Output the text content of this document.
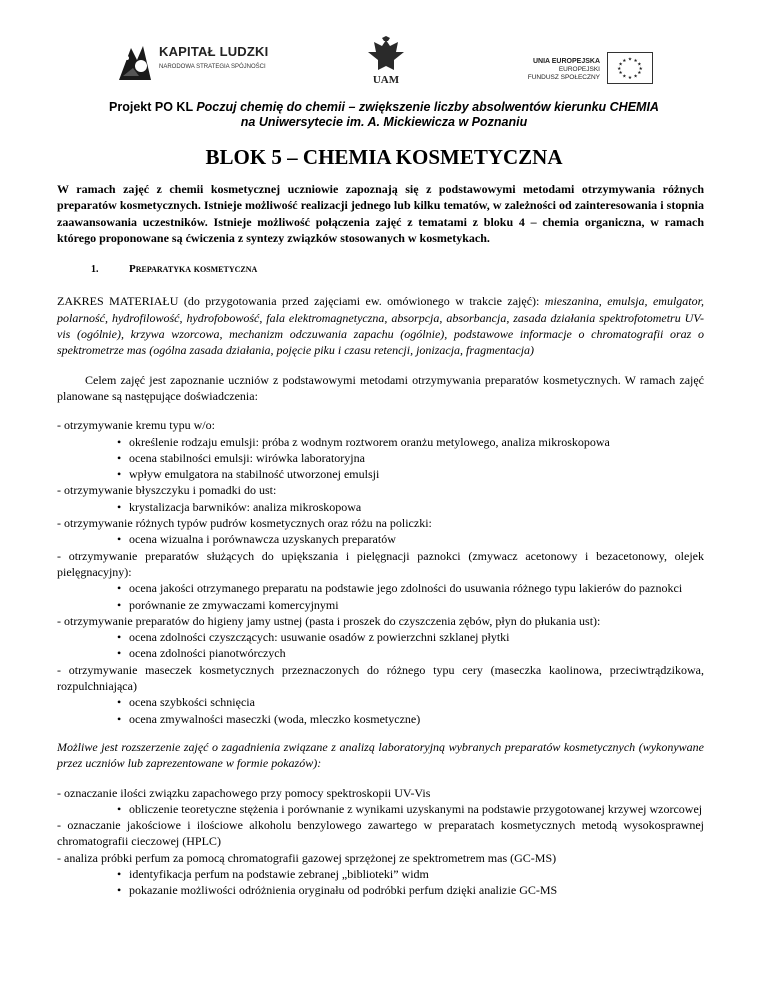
KAPITAŁ LUDZKI
NARODOWA STRATEGIA SPÓJNOŚCI
UAM
UNIA EUROPEJSKA
EUROPEJSKI
FUNDUSZ SPOŁECZNY
★ ★
★
★
★
★
★
★
★
★
★
★
Projekt PO KL Poczuj chemię do chemii – zwiększenie liczby absolwentów kierunku CHEMIA
na Uniwersytecie im. A. Mickiewicza w Poznaniu
BLOK 5 – CHEMIA KOSMETYCZNA

W ramach zajęć z chemii kosmetycznej uczniowie zapoznają się z podstawowymi metodami otrzymywania różnych preparatów kosmetycznych. Istnieje możliwość realizacji jednego lub kilku tematów, w zależności od zainteresowania i stopnia zaawansowania uczestników. Istnieje możliwość połączenia zajęć z tematami z bloku 4 – chemia organiczna, w ramach którego proponowane są ćwiczenia z syntezy związków stosowanych w kosmetykach.

1.	Preparatyka kosmetyczna

ZAKRES MATERIAŁU (do przygotowania przed zajęciami ew. omówionego w trakcie zajęć): mieszanina, emulsja, emulgator, polarność, hydrofilowość, hydrofobowość, fala elektromagnetyczna, absorpcja, absorbancja, zasada działania spektrofotometru UV-vis (ogólnie), krzywa wzorcowa, mechanizm odczuwania zapachu (ogólnie), podstawowe informacje o chromatografii oraz o spektrometrze mas (ogólna zasada działania, pojęcie piku i czasu retencji, jonizacja, fragmentacja)

Celem zajęć jest zapoznanie uczniów z podstawowymi metodami otrzymywania preparatów kosmetycznych. W ramach zajęć planowane są następujące doświadczenia:

- otrzymywanie kremu typu w/o:

• określenie rodzaju emulsji: próba z wodnym roztworem oranżu metylowego, analiza mikroskopowa

• ocena stabilności emulsji: wirówka laboratoryjna

• wpływ emulgatora na stabilność utworzonej emulsji

- otrzymywanie błyszczyku i pomadki do ust:

• krystalizacja barwników: analiza mikroskopowa

- otrzymywanie różnych typów pudrów kosmetycznych oraz różu na policzki:

• ocena wizualna i porównawcza uzyskanych preparatów

- otrzymywanie preparatów służących do upiększania i pielęgnacji paznokci (zmywacz acetonowy i bezacetonowy, olejek pielęgnacyjny):

• ocena jakości otrzymanego preparatu na podstawie jego zdolności do usuwania różnego typu lakierów do paznokci

• porównanie ze zmywaczami komercyjnymi

- otrzymywanie preparatów do higieny jamy ustnej (pasta i proszek do czyszczenia zębów, płyn do płukania ust):

• ocena zdolności czyszczących: usuwanie osadów z powierzchni szklanej płytki

• ocena zdolności pianotwórczych

- otrzymywanie maseczek kosmetycznych przeznaczonych do różnego typu cery (maseczka kaolinowa, przeciwtrądzikowa, rozpulchniająca)

• ocena szybkości schnięcia

• ocena zmywalności maseczki (woda, mleczko kosmetyczne)

Możliwe jest rozszerzenie zajęć o zagadnienia związane z analizą laboratoryjną wybranych preparatów kosmetycznych (wykonywane przez uczniów lub zaprezentowane w formie pokazów):

- oznaczanie ilości związku zapachowego przy pomocy spektroskopii UV-Vis

• obliczenie teoretyczne stężenia i porównanie z wynikami uzyskanymi na podstawie przygotowanej krzywej wzorcowej

- oznaczanie jakościowe i ilościowe alkoholu benzylowego zawartego w preparatach kosmetycznych metodą wysokosprawnej chromatografii cieczowej (HPLC)

- analiza próbki perfum za pomocą chromatografii gazowej sprzężonej ze spektrometrem mas (GC-MS)

• identyfikacja perfum na podstawie zebranej „biblioteki” widm

• pokazanie możliwości odróżnienia oryginału od podróbki perfum dzięki analizie GC-MS
